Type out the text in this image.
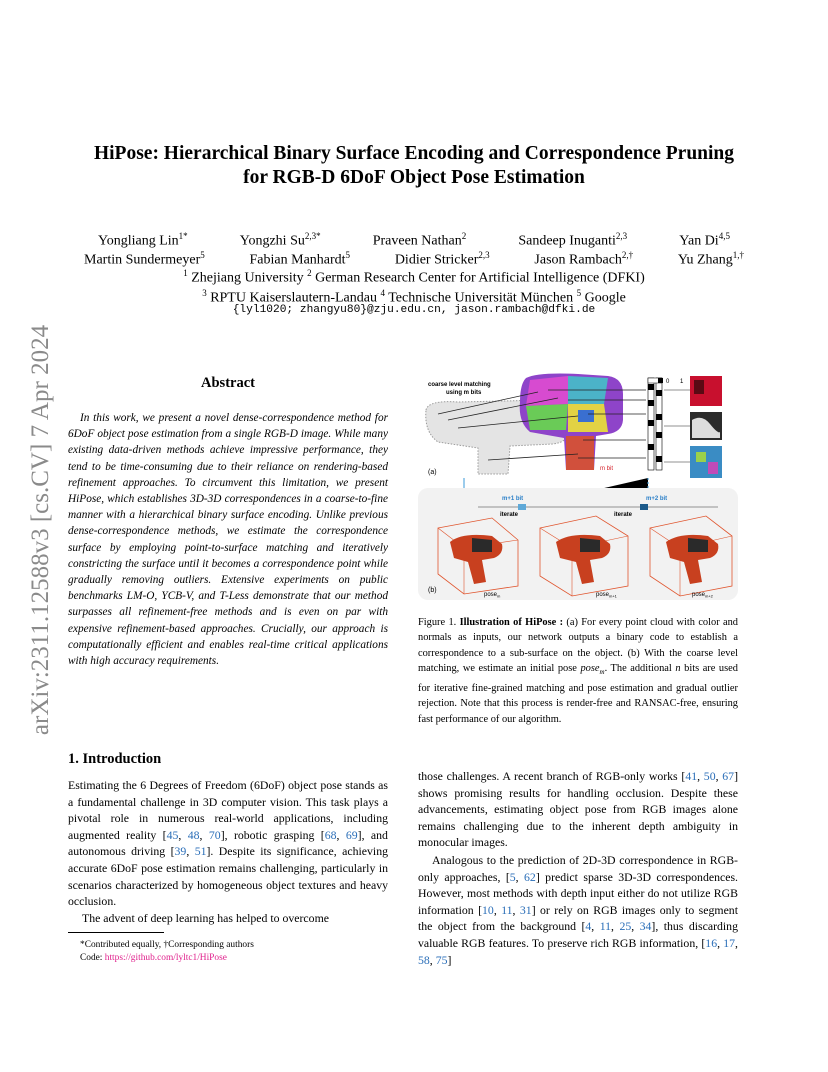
HiPose: Hierarchical Binary Surface Encoding and Correspondence Pruning
for RGB-D 6DoF Object Pose Estimation
Yongliang Lin$^{1*}$	Yongzhi $Su^{2,3*}$	Praveen Nathan$^2$	Sandeep Inuganti$^{2,3}$	Yan Di$^{4,5}$
Martin Sundermeyer$^5$	Fabian Manhardt$^5$	Didier Stricker$^{2,3}$	Jason Rambach$^{2,\dagger}$	Yu Zhang$^{1,\dagger}$
$^1$ Zhejiang University $^2$ German Research Center for Artificial Intelligence (DFKI)
$^3$ RPTU Kaiserslautern-Landau $^4$ Technische Universität München $^5$ Google
{lyl1020; zhangyu80}@zju.edu.cn, jason.rambach@dfki.de
arXiv:2311.12588v3 [cs.CV] 7 Apr 2024	Abstract
In this work, we present a novel dense-correspondence method for 6DoF object pose estimation from a single RGB-D image. While many existing data-driven methods achieve impressive performance, they tend to be time-consuming due to their reliance on rendering-based refinement approaches. To circumvent this limitation, we present HiPose, which establishes 3D-3D correspondences in a coarse-to-fine manner with a hierarchical binary surface encoding. Unlike previous dense-correspondence methods, we estimate the correspondence surface by employing point-to-surface matching and iteratively constricting the surface until it becomes a correspondence point while gradually removing outliers. Extensive experiments on public benchmarks LM-O, YCB-V, and T-Less demonstrate that our method surpasses all refinement-free methods and is even on par with expensive refinement-based approaches. Crucially, our approach is computationally efficient and enables real-time critical applications with high accuracy requirements.
0 1
coarse level matching
using m bits
(a)	m bit
m+1 bit	m+2 bit
iterate	iterate
(b)
pose$_m$	pose$_{m+1}$	pose$_{m+2}$
Figure 1. Illustration of HiPose : (a) For every point cloud with color and normals as inputs, our network outputs a binary code to establish a correspondence to a sub-surface on the object. (b) With the coarse level matching, we estimate an initial pose pose$_m$. The additional n bits are used for iterative fine-grained matching and pose estimation and gradual outlier rejection. Note that this process is render-free and RANSAC-free, ensuring fast performance of our algorithm.
1. Introduction
Estimating the 6 Degrees of Freedom (6DoF) object pose stands as a fundamental challenge in 3D computer vision. This task plays a pivotal role in numerous real-world applications, including augmented reality [45, 48, 70], robotic grasping [68, 69], and autonomous driving [39, 51]. Despite its significance, achieving accurate 6DoF pose estimation remains challenging, particularly in scenarios characterized by homogeneous object textures and heavy occlusion.
The advent of deep learning has helped to overcome
*Contributed equally, †Corresponding authors
Code: https://github.com/lyltc1/HiPose
those challenges. A recent branch of RGB-only works [41, 50, 67] shows promising results for handling occlusion. Despite these advancements, estimating object pose from RGB images alone remains challenging due to the inherent depth ambiguity in monocular images.
Analogous to the prediction of 2D-3D correspondence in RGB-only approaches, [5, 62] predict sparse 3D-3D correspondences. However, most methods with depth input either do not utilize RGB information [10, 11, 31] or rely on RGB images only to segment the object from the background [4, 11, 25, 34], thus discarding valuable RGB features. To preserve rich RGB information, [16, 17, 58, 75]
